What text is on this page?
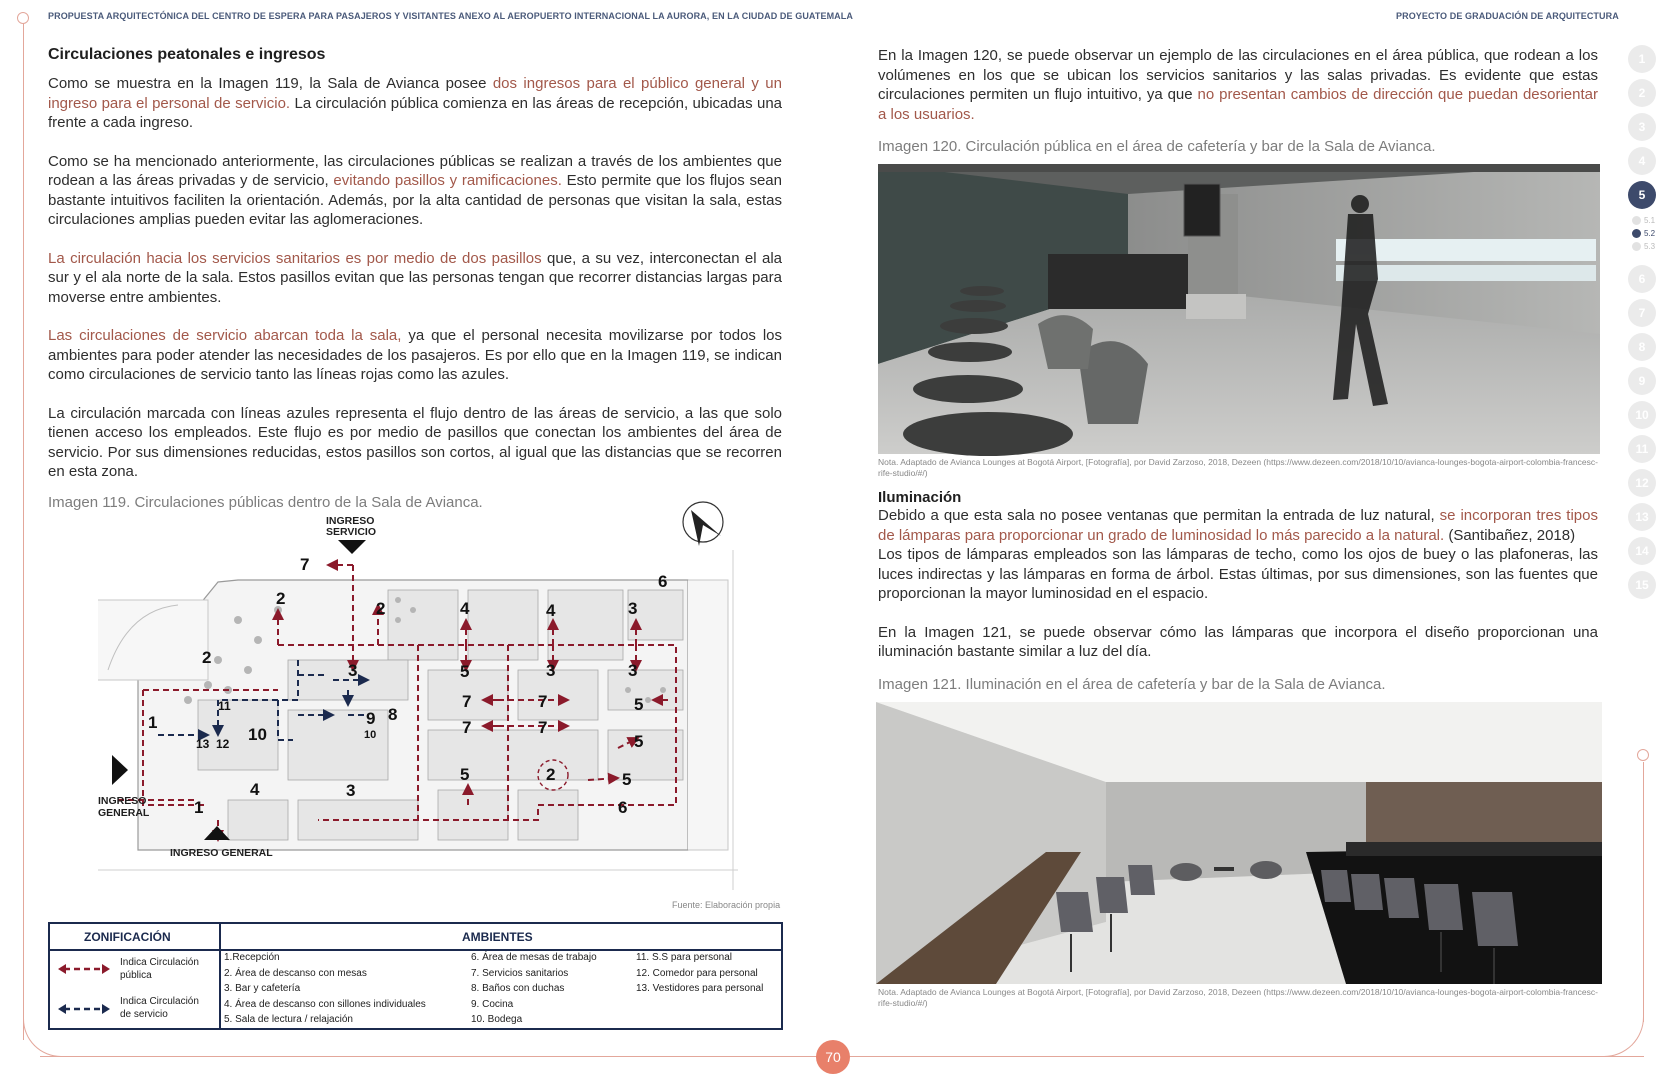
PROPUESTA ARQUITECTÓNICA DEL CENTRO DE ESPERA PARA PASAJEROS Y VISITANTES ANEXO AL AEROPUERTO INTERNACIONAL LA AURORA, EN LA CIUDAD DE GUATEMALA	PROYECTO DE GRADUACIÓN DE ARQUITECTURA
Circulaciones peatonales e ingresos

Como se muestra en la Imagen 119, la Sala de Avianca posee dos ingresos para el público general y un ingreso para el personal de servicio. La circulación pública comienza en las áreas de recepción, ubicadas una frente a cada ingreso.

Como se ha mencionado anteriormente, las circulaciones públicas se realizan a través de los ambientes que rodean a las áreas privadas y de servicio, evitando pasillos y ramificaciones. Esto permite que los flujos sean bastante intuitivos faciliten la orientación. Además, por la alta cantidad de personas que visitan la sala, estas circulaciones amplias pueden evitar las aglomeraciones.

La circulación hacia los servicios sanitarios es por medio de dos pasillos que, a su vez, interconectan el ala sur y el ala norte de la sala. Estos pasillos evitan que las personas tengan que recorrer distancias largas para moverse entre ambientes.

Las circulaciones de servicio abarcan toda la sala, ya que el personal necesita movilizarse por todos los ambientes para poder atender las necesidades de los pasajeros. Es por ello que en la Imagen 119, se indican como circulaciones de servicio tanto las líneas rojas como las azules.

La circulación marcada con líneas azules representa el flujo dentro de las áreas de servicio, a las que solo tienen acceso los empleados. Este flujo es por medio de pasillos que conectan los ambientes del área de servicio. Por sus dimensiones reducidas, estos pasillos son cortos, al igual que las distancias que se recorren en esta zona.

Imagen 119. Circulaciones públicas dentro de la Sala de Avianca.
7
2
2	4	4	3
6
2
3	5	3	3
11
1
7	7	5
9 8
10
13 12 10	7	7
5
4	3
5	2	5
1	6
INGRESO
SERVICIO
INGRESO
GENERAL
INGRESO GENERAL
Fuente: Elaboración propia
ZONIFICACIÓN	AMBIENTES
Indica Circulación
pública
Indica Circulación
de servicio
1.Recepción
2. Área de descanso con mesas
3. Bar y cafetería
4. Área de descanso con sillones individuales
5. Sala de lectura / relajación
6. Área de mesas de trabajo
7. Servicios sanitarios
8. Baños con duchas
9. Cocina
10. Bodega
11. S.S para personal
12. Comedor para personal
13. Vestidores para personal

En la Imagen 120, se puede observar un ejemplo de las circulaciones en el área pública, que rodean a los volúmenes en los que se ubican los servicios sanitarios y las salas privadas. Es evidente que estas circulaciones permiten un flujo intuitivo, ya que no presentan cambios de dirección que puedan desorientar a los usuarios.

Imagen 120. Circulación pública en el área de cafetería y bar de la Sala de Avianca.
Nota. Adaptado de Avianca Lounges at Bogotá Airport, [Fotografía], por David Zarzoso, 2018, Dezeen (https://www.dezeen.com/2018/10/10/avianca-lounges-bogota-airport-colombia-francesc-rife-studio/#/)
Iluminación

Debido a que esta sala no posee ventanas que permitan la entrada de luz natural, se incorporan tres tipos de lámparas para proporcionar un grado de luminosidad lo más parecido a la natural. (Santibañez, 2018)

Los tipos de lámparas empleados son las lámparas de techo, como los ojos de buey o las plafoneras, las luces indirectas y las lámparas en forma de árbol. Estas últimas, por sus dimensiones, son las fuentes que proporcionan la mayor luminosidad en el espacio.

En la Imagen 121, se puede observar cómo las lámparas que incorpora el diseño proporcionan una iluminación bastante similar a luz del día.

Imagen 121. Iluminación en el área de cafetería y bar de la Sala de Avianca.
Nota. Adaptado de Avianca Lounges at Bogotá Airport, [Fotografía], por David Zarzoso, 2018, Dezeen (https://www.dezeen.com/2018/10/10/avianca-lounges-bogota-airport-colombia-francesc-rife-studio/#/)
1
2
3
4
5
5.1
5.2
5.3
6
7
8
9
10
11
12
13
14
15
70
